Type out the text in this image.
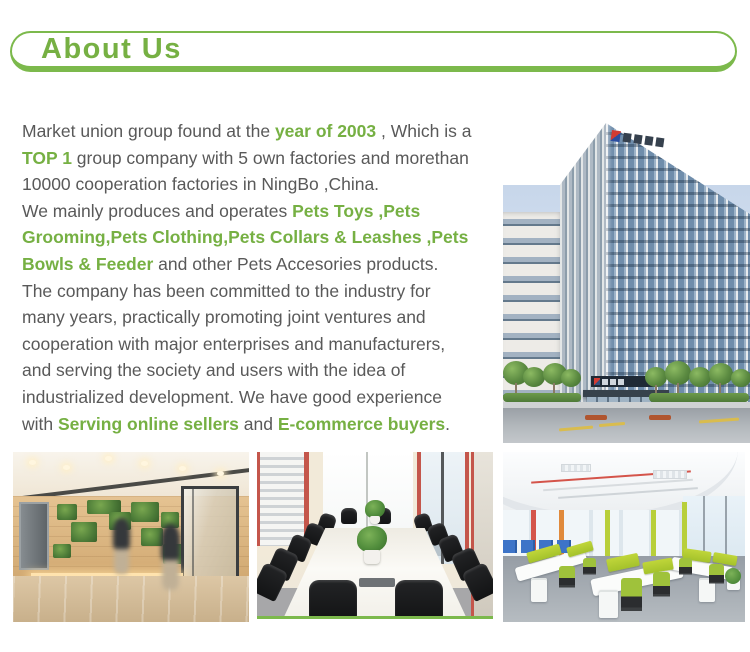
About Us
Market union group found at the year of 2003 , Which is a
TOP 1 group company with 5 own factories and morethan
10000 cooperation factories in NingBo ,China.
We mainly produces and operates Pets Toys ,Pets
Grooming,Pets Clothing,Pets Collars & Leashes ,Pets
Bowls & Feeder and other Pets Accesories products.
The company has been committed to the industry for
many years, practically promoting joint ventures and
cooperation with major enterprises and manufacturers,
and serving the society and users with the idea of
industrialized development. We have good experience
with Serving online sellers and E-commerce buyers.
